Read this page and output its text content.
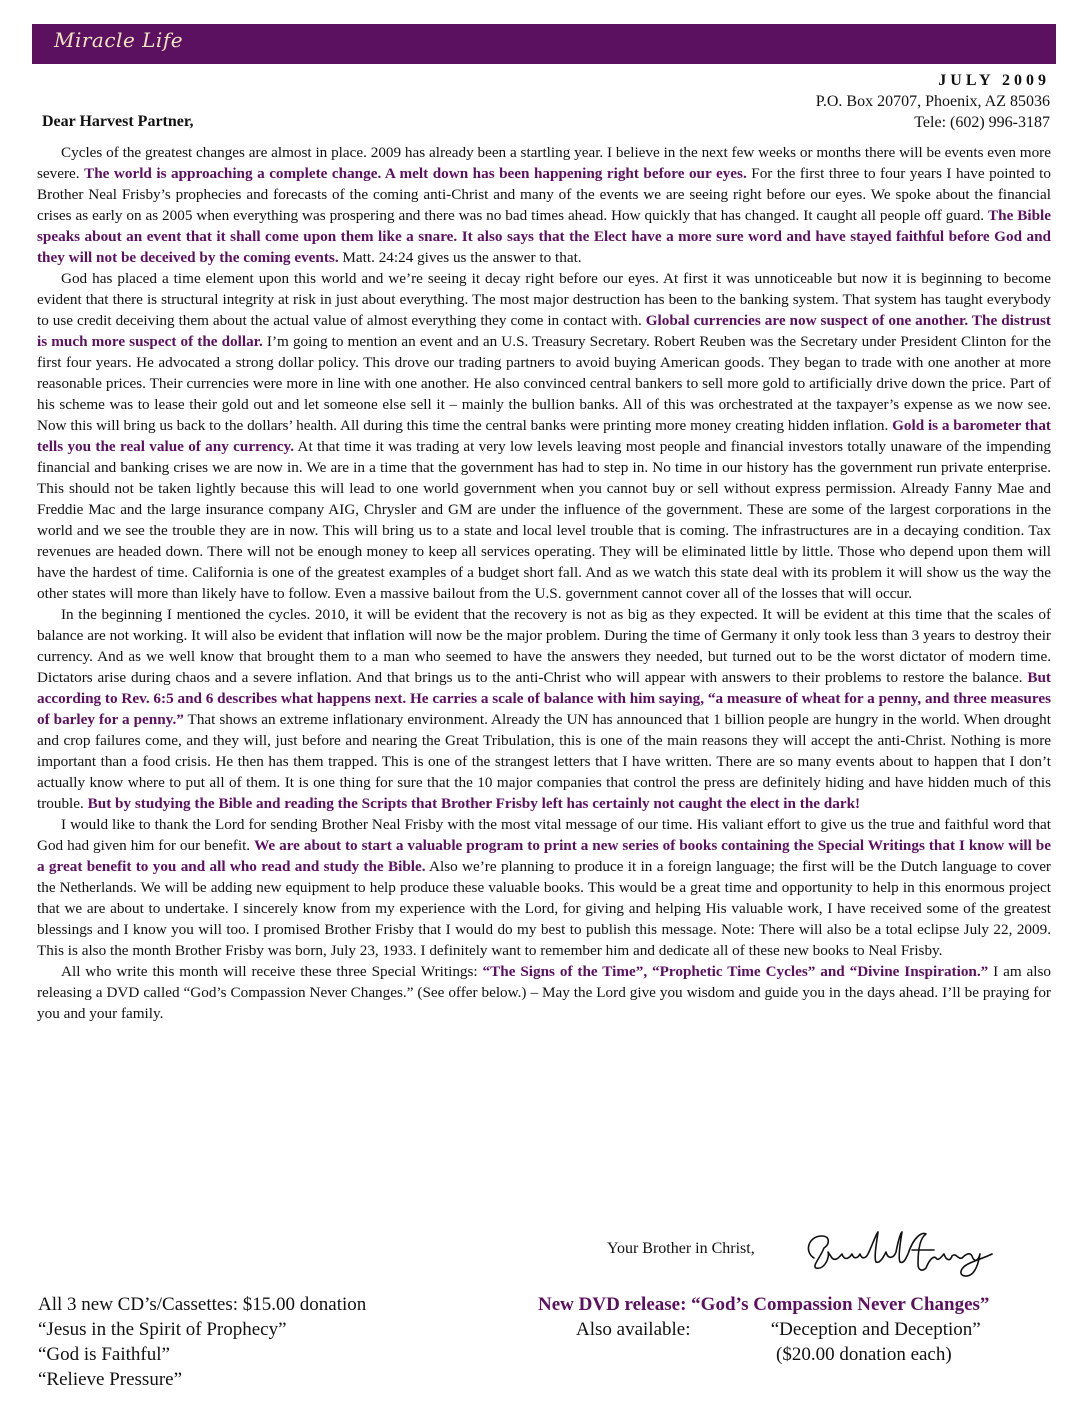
Miracle Life
JULY 2009
P.O. Box 20707, Phoenix, AZ 85036
Tele: (602) 996-3187
Dear Harvest Partner,

Cycles of the greatest changes are almost in place. 2009 has already been a startling year. I believe in the next few weeks or months there will be events even more severe. The world is approaching a complete change. A melt down has been happening right before our eyes. For the first three to four years I have pointed to Brother Neal Frisby’s prophecies and forecasts of the coming anti-Christ and many of the events we are seeing right before our eyes. We spoke about the financial crises as early on as 2005 when everything was prospering and there was no bad times ahead. How quickly that has changed. It caught all people off guard. The Bible speaks about an event that it shall come upon them like a snare. It also says that the Elect have a more sure word and have stayed faithful before God and they will not be deceived by the coming events. Matt. 24:24 gives us the answer to that.

God has placed a time element upon this world and we’re seeing it decay right before our eyes. At first it was unnoticeable but now it is beginning to become evident that there is structural integrity at risk in just about everything. The most major destruction has been to the banking system. That system has taught everybody to use credit deceiving them about the actual value of almost everything they come in contact with. Global currencies are now suspect of one another. The distrust is much more suspect of the dollar. I’m going to mention an event and an U.S. Treasury Secretary. Robert Reuben was the Secretary under President Clinton for the first four years. He advocated a strong dollar policy. This drove our trading partners to avoid buying American goods. They began to trade with one another at more reasonable prices. Their currencies were more in line with one another. He also convinced central bankers to sell more gold to artificially drive down the price. Part of his scheme was to lease their gold out and let someone else sell it – mainly the bullion banks. All of this was orchestrated at the taxpayer’s expense as we now see. Now this will bring us back to the dollars’ health. All during this time the central banks were printing more money creating hidden inflation. Gold is a barometer that tells you the real value of any currency. At that time it was trading at very low levels leaving most people and financial investors totally unaware of the impending financial and banking crises we are now in. We are in a time that the government has had to step in. No time in our history has the government run private enterprise. This should not be taken lightly because this will lead to one world government when you cannot buy or sell without express permission. Already Fanny Mae and Freddie Mac and the large insurance company AIG, Chrysler and GM are under the influence of the government. These are some of the largest corporations in the world and we see the trouble they are in now. This will bring us to a state and local level trouble that is coming. The infrastructures are in a decaying condition. Tax revenues are headed down. There will not be enough money to keep all services operating. They will be eliminated little by little. Those who depend upon them will have the hardest of time. California is one of the greatest examples of a budget short fall. And as we watch this state deal with its problem it will show us the way the other states will more than likely have to follow. Even a massive bailout from the U.S. government cannot cover all of the losses that will occur.

In the beginning I mentioned the cycles. 2010, it will be evident that the recovery is not as big as they expected. It will be evident at this time that the scales of balance are not working. It will also be evident that inflation will now be the major problem. During the time of Germany it only took less than 3 years to destroy their currency. And as we well know that brought them to a man who seemed to have the answers they needed, but turned out to be the worst dictator of modern time. Dictators arise during chaos and a severe inflation. And that brings us to the anti-Christ who will appear with answers to their problems to restore the balance. But according to Rev. 6:5 and 6 describes what happens next. He carries a scale of balance with him saying, “a measure of wheat for a penny, and three measures of barley for a penny.” That shows an extreme inflationary environment. Already the UN has announced that 1 billion people are hungry in the world. When drought and crop failures come, and they will, just before and nearing the Great Tribulation, this is one of the main reasons they will accept the anti-Christ. Nothing is more important than a food crisis. He then has them trapped. This is one of the strangest letters that I have written. There are so many events about to happen that I don’t actually know where to put all of them. It is one thing for sure that the 10 major companies that control the press are definitely hiding and have hidden much of this trouble. But by studying the Bible and reading the Scripts that Brother Frisby left has certainly not caught the elect in the dark!

I would like to thank the Lord for sending Brother Neal Frisby with the most vital message of our time. His valiant effort to give us the true and faithful word that God had given him for our benefit. We are about to start a valuable program to print a new series of books containing the Special Writings that I know will be a great benefit to you and all who read and study the Bible. Also we’re planning to produce it in a foreign language; the first will be the Dutch language to cover the Netherlands. We will be adding new equipment to help produce these valuable books. This would be a great time and opportunity to help in this enormous project that we are about to undertake. I sincerely know from my experience with the Lord, for giving and helping His valuable work, I have received some of the greatest blessings and I know you will too. I promised Brother Frisby that I would do my best to publish this message. Note: There will also be a total eclipse July 22, 2009. This is also the month Brother Frisby was born, July 23, 1933. I definitely want to remember him and dedicate all of these new books to Neal Frisby.

All who write this month will receive these three Special Writings: “The Signs of the Time”, “Prophetic Time Cycles” and “Divine Inspiration.” I am also releasing a DVD called “God’s Compassion Never Changes.” (See offer below.) – May the Lord give you wisdom and guide you in the days ahead. I’ll be praying for you and your family.

Your Brother in Christ,
All 3 new CD’s/Cassettes: $15.00 donation
“Jesus in the Spirit of Prophecy”
“God is Faithful”
“Relieve Pressure”
New DVD release: “God’s Compassion Never Changes”
Also available:	“Deception and Deception”
($20.00 donation each)
